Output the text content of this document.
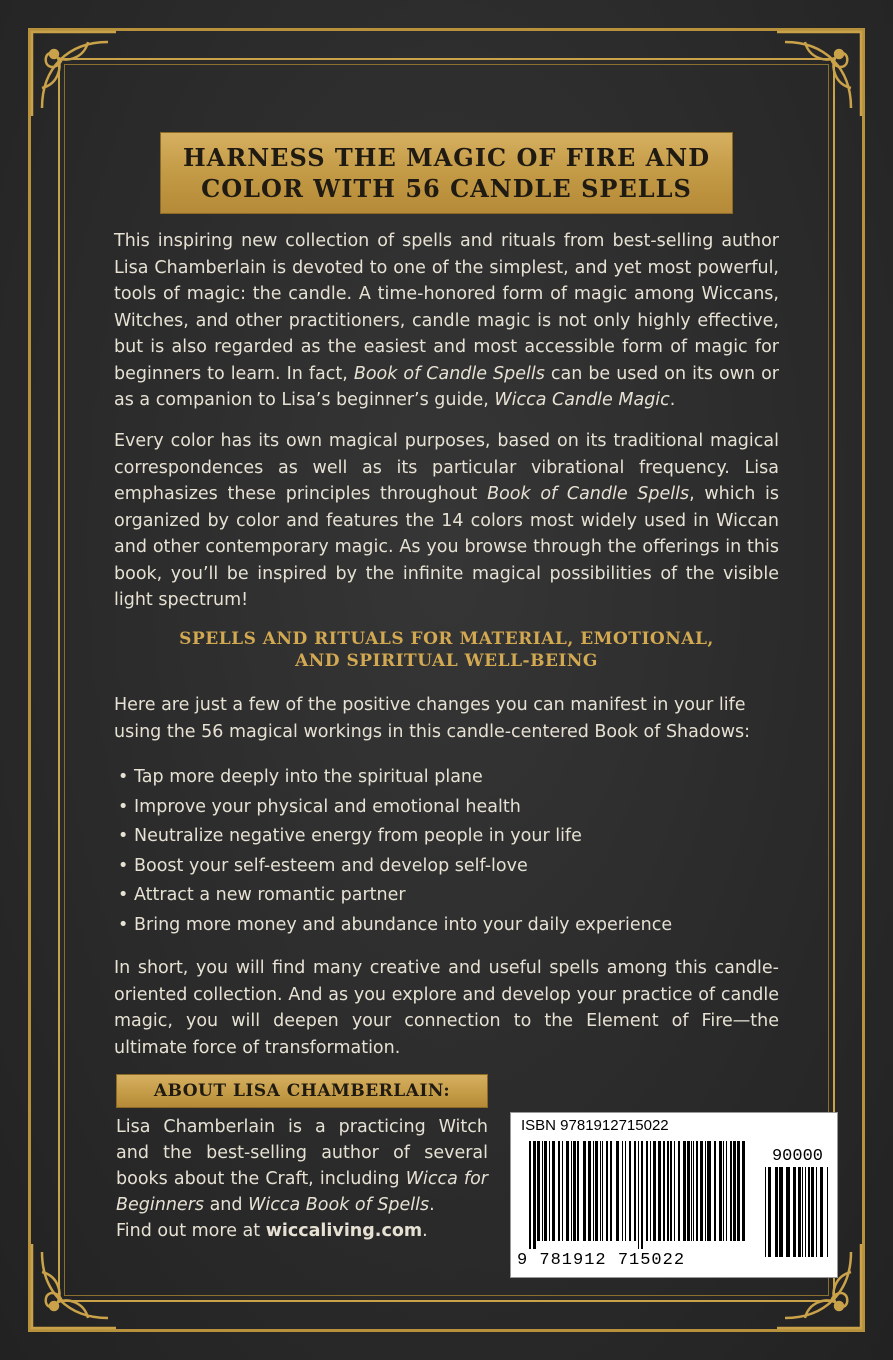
HARNESS THE MAGIC OF FIRE AND COLOR WITH 56 CANDLE SPELLS

This inspiring new collection of spells and rituals from best-selling author Lisa Chamberlain is devoted to one of the simplest, and yet most powerful, tools of magic: the candle. A time-honored form of magic among Wiccans, Witches, and other practitioners, candle magic is not only highly effective, but is also regarded as the easiest and most accessible form of magic for beginners to learn. In fact, Book of Candle Spells can be used on its own or as a companion to Lisa’s beginner’s guide, Wicca Candle Magic.

Every color has its own magical purposes, based on its traditional magical correspondences as well as its particular vibrational frequency. Lisa emphasizes these principles throughout Book of Candle Spells, which is organized by color and features the 14 colors most widely used in Wiccan and other contemporary magic. As you browse through the offerings in this book, you’ll be inspired by the infinite magical possibilities of the visible light spectrum!

SPELLS AND RITUALS FOR MATERIAL, EMOTIONAL,
AND SPIRITUAL WELL-BEING

Here are just a few of the positive changes you can manifest in your life using the 56 magical workings in this candle-centered Book of Shadows:

• Tap more deeply into the spiritual plane
• Improve your physical and emotional health
• Neutralize negative energy from people in your life
• Boost your self-esteem and develop self-love
• Attract a new romantic partner
• Bring more money and abundance into your daily experience

In short, you will find many creative and useful spells among this candle-oriented collection. And as you explore and develop your practice of candle magic, you will deepen your connection to the Element of Fire—the ultimate force of transformation.

ABOUT LISA CHAMBERLAIN:

Lisa Chamberlain is a practicing Witch and the best-selling author of several books about the Craft, including Wicca for Beginners and Wicca Book of Spells.

Find out more at wiccaliving.com.

ISBN 9781912715022
90000
9 781912 715022
